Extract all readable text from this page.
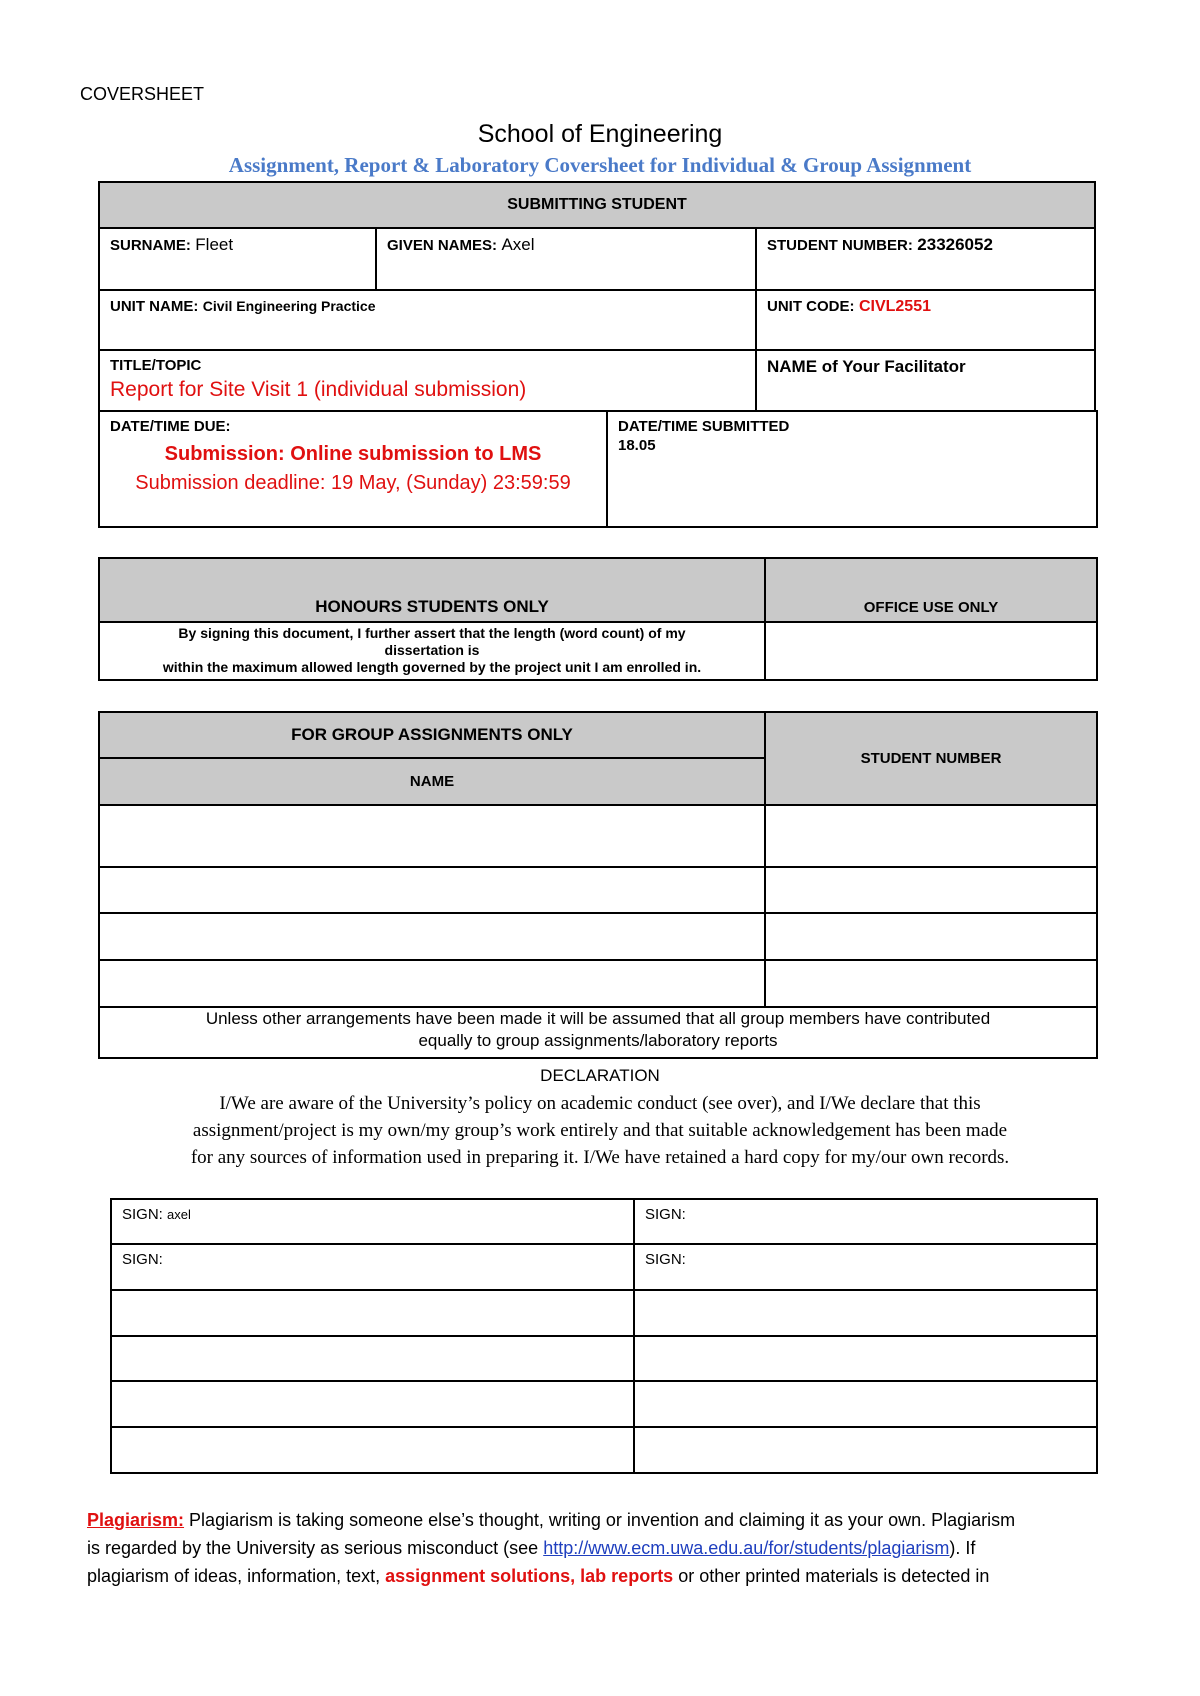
COVERSHEET
School of Engineering
Assignment, Report & Laboratory Coversheet for Individual & Group Assignment
SUBMITTING STUDENT		
SURNAME: Fleet	GIVEN NAMES: Axel	STUDENT NUMBER: 23326052
UNIT NAME: Civil Engineering Practice		UNIT CODE: CIVL2551

TITLE/TOPIC
Report for Site Visit 1 (individual submission)		NAME of Your Facilitator
DATE/TIME DUE:
Submission: Online submission to LMS
Submission deadline: 19 May, (Sunday) 23:59:59

DATE/TIME SUBMITTED
18.05
HONOURS STUDENTS ONLY	OFFICE USE ONLY

By signing this document, I further assert that the length (word count) of my
dissertation is
within the maximum allowed length governed by the project unit I am enrolled in.	

FOR GROUP ASSIGNMENTS ONLY	STUDENT NUMBER
NAME	

Unless other arrangements have been made it will be assumed that all group members have contributed
equally to group assignments/laboratory reports	
DECLARATION
I/We are aware of the University’s policy on academic conduct (see over), and I/We declare that this
assignment/project is my own/my group’s work entirely and that suitable acknowledgement has been made
for any sources of information used in preparing it. I/We have retained a hard copy for my/our own records.
SIGN: axel	SIGN:
SIGN:	SIGN:

Plagiarism: Plagiarism is taking someone else’s thought, writing or invention and claiming it as your own. Plagiarism
is regarded by the University as serious misconduct (see http://www.ecm.uwa.edu.au/for/students/plagiarism). If
plagiarism of ideas, information, text, assignment solutions, lab reports or other printed materials is detected in
